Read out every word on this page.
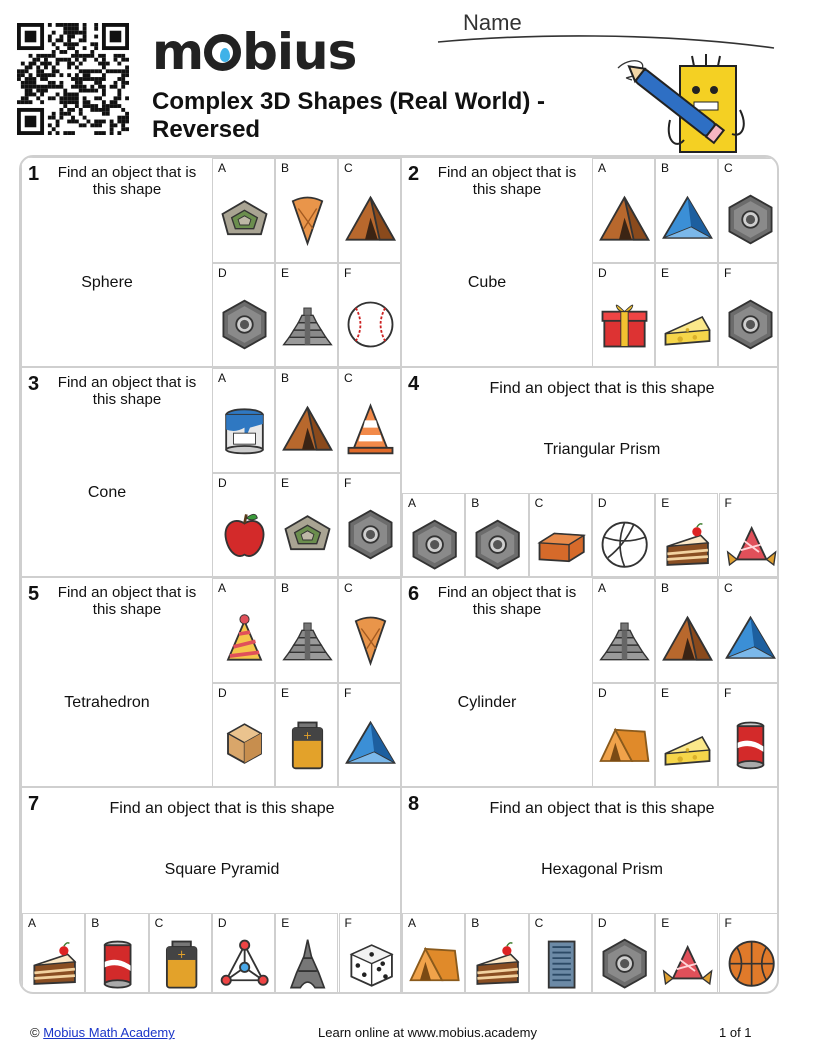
m bius
Complex 3D Shapes (Real World) - Reversed
Name
1	Find an object that is this shape
Sphere
A	B	C
D	E	F
2	Find an object that is this shape
Cube
A	B	C
D	E	F
3	Find an object that is this shape
Cone
A	B	C
D	E	F
4	Find an object that is this shape
Triangular Prism
A	B	C	D	E	F
5	Find an object that is this shape
Tetrahedron
A	B	C
D	E
+
F
6	Find an object that is this shape
Cylinder
A	B	C
D	E	F
7	Find an object that is this shape
Square Pyramid
A	B	C
+
D	E	F
8	Find an object that is this shape
Hexagonal Prism
A	B	C	D	E	F
© Mobius Math Academy	Learn online at www.mobius.academy	1 of 1
